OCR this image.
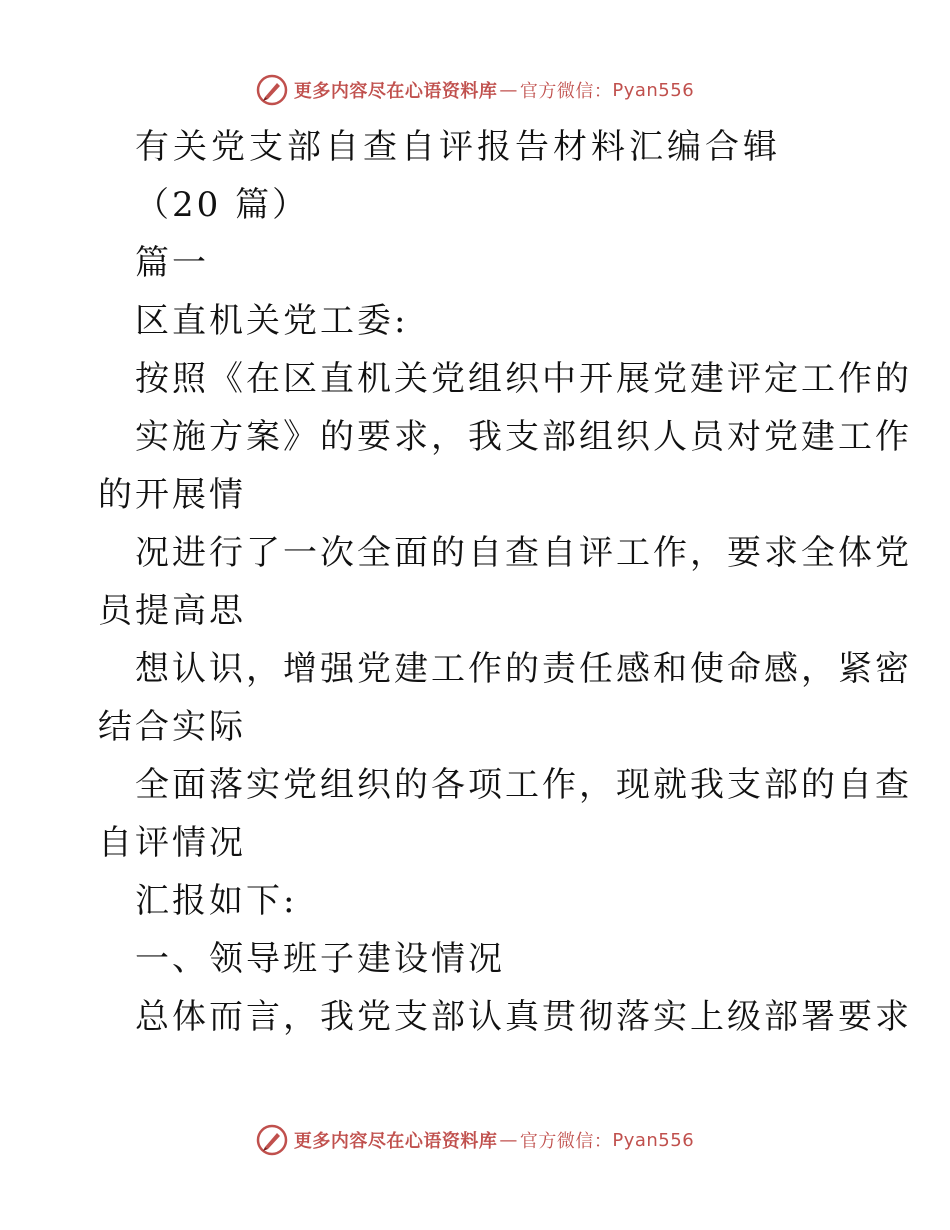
更多内容尽在心语资料库 — 官方微信： Pyan556
有关党支部自查自评报告材料汇编合辑
（20 篇）
篇一
区直机关党工委:
按照《在区直机关党组织中开展党建评定工作的
实施方案》的要求，我支部组织人员对党建工作
的开展情
况进行了一次全面的自查自评工作，要求全体党
员提高思
想认识，增强党建工作的责任感和使命感，紧密
结合实际
全面落实党组织的各项工作，现就我支部的自查
自评情况
汇报如下:
一、领导班子建设情况
总体而言，我党支部认真贯彻落实上级部署要求
更多内容尽在心语资料库 — 官方微信： Pyan556
